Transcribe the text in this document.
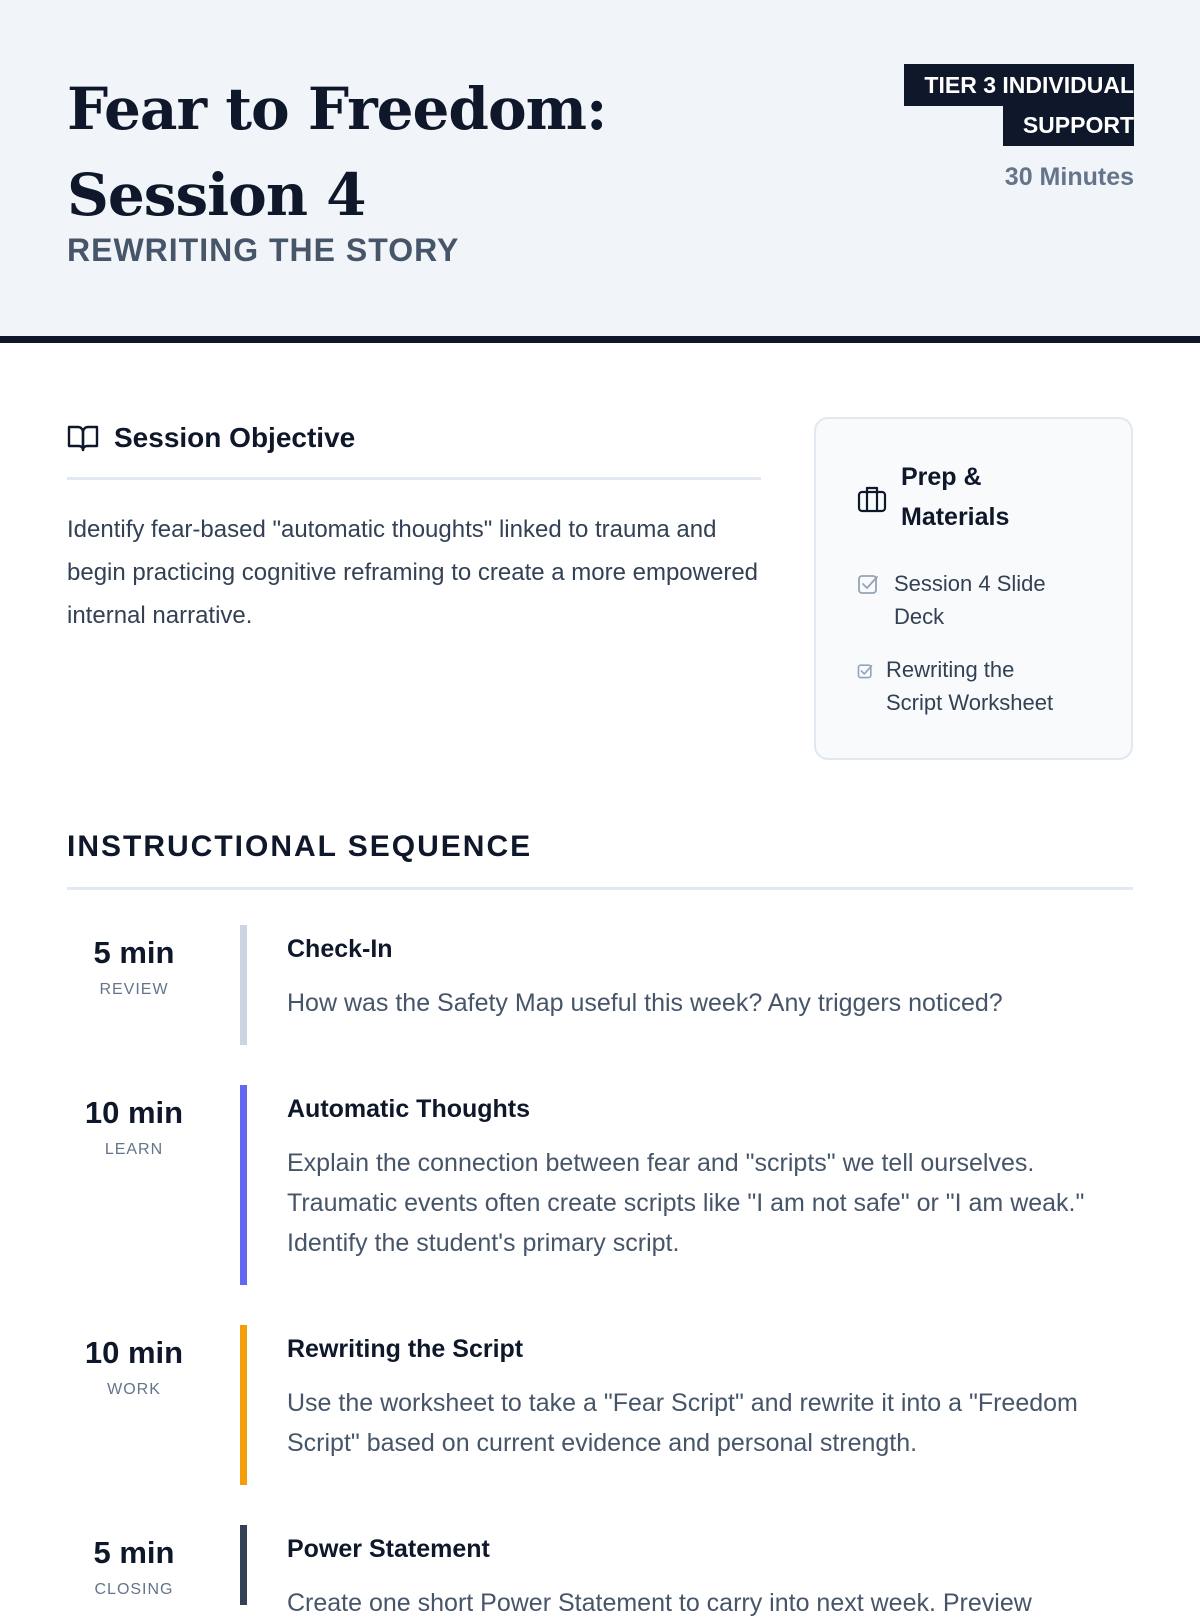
Fear to Freedom: Session 4
REWRITING THE STORY
TIER 3 INDIVIDUAL SUPPORT
30 Minutes
Session Objective

Identify fear-based "automatic thoughts" linked to trauma and begin practicing cognitive reframing to create a more empowered internal narrative.

Prep & Materials
Session 4 Slide Deck
Rewriting the Script Worksheet
INSTRUCTIONAL SEQUENCE
5 min
REVIEW
Check-In
How was the Safety Map useful this week? Any triggers noticed?
10 min
LEARN
Automatic Thoughts
Explain the connection between fear and "scripts" we tell ourselves. Traumatic events often create scripts like "I am not safe" or "I am weak." Identify the student's primary script.
10 min
WORK
Rewriting the Script
Use the worksheet to take a "Fear Script" and rewrite it into a "Freedom Script" based on current evidence and personal strength.
5 min
CLOSING
Power Statement
Create one short Power Statement to carry into next week. Preview
